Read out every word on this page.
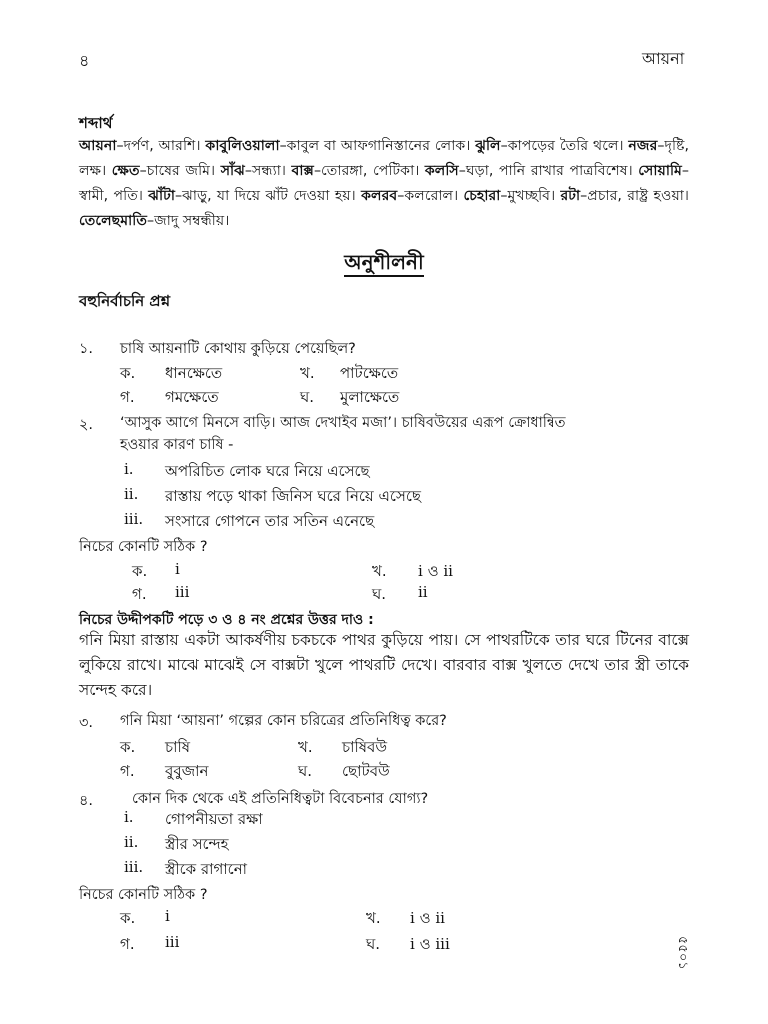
৪	আয়না
শব্দার্থ
আয়না–দর্পণ, আরশি। কাবুলিওয়ালা–কাবুল বা আফগানিস্তানের লোক। ঝুলি–কাপড়ের তৈরি থলে। নজর–দৃষ্টি, লক্ষ। ক্ষেত–চাষের জমি। সাঁঝ–সন্ধ্যা। বাক্স–তোরঙ্গা, পেটিকা। কলসি–ঘড়া, পানি রাখার পাত্রবিশেষ। সোয়ামি–স্বামী, পতি। ঝাঁটা–ঝাড়ু, যা দিয়ে ঝাঁট দেওয়া হয়। কলরব–কলরোল। চেহারা–মুখচ্ছবি। রটা–প্রচার, রাষ্ট্র হওয়া। তেলেছমাতি–জাদু সম্বন্ধীয়।
অনুশীলনী
বহুনির্বাচনি প্রশ্ন
১. চাষি আয়নাটি কোথায় কুড়িয়ে পেয়েছিল?
ক. ধানক্ষেতে	খ. পাটক্ষেতে
গ. গমক্ষেতে	ঘ. মুলাক্ষেতে
২. ‘আসুক আগে মিনসে বাড়ি। আজ দেখাইব মজা’। চাষিবউয়ের এরূপ ক্রোধান্বিত
হওয়ার কারণ চাষি -
i. অপরিচিত লোক ঘরে নিয়ে এসেছে
ii. রাস্তায় পড়ে থাকা জিনিস ঘরে নিয়ে এসেছে
iii. সংসারে গোপনে তার সতিন এনেছে
নিচের কোনটি সঠিক ?
ক. i	খ. i ও ii
গ. iii	ঘ. ii
নিচের উদ্দীপকটি পড়ে ৩ ও ৪ নং প্রশ্নের উত্তর দাও :
গনি মিয়া রাস্তায় একটা আকর্ষণীয় চকচকে পাথর কুড়িয়ে পায়। সে পাথরটিকে তার ঘরে টিনের বাক্সে লুকিয়ে রাখে। মাঝে মাঝেই সে বাক্সটা খুলে পাথরটি দেখে। বারবার বাক্স খুলতে দেখে তার স্ত্রী তাকে সন্দেহ করে।
৩. গনি মিয়া ‘আয়না’ গল্পের কোন চরিত্রের প্রতিনিধিত্ব করে?
ক. চাষি	খ. চাষিবউ
গ. বুবুজান	ঘ. ছোটবউ
৪.	কোন দিক থেকে এই প্রতিনিধিত্বটা বিবেচনার যোগ্য?
i. গোপনীয়তা রক্ষা
ii. স্ত্রীর সন্দেহ
iii. স্ত্রীকে রাগানো
নিচের কোনটি সঠিক ?
ক. i	খ. i ও ii
গ. iii	ঘ. i ও iii	৫৫০১
